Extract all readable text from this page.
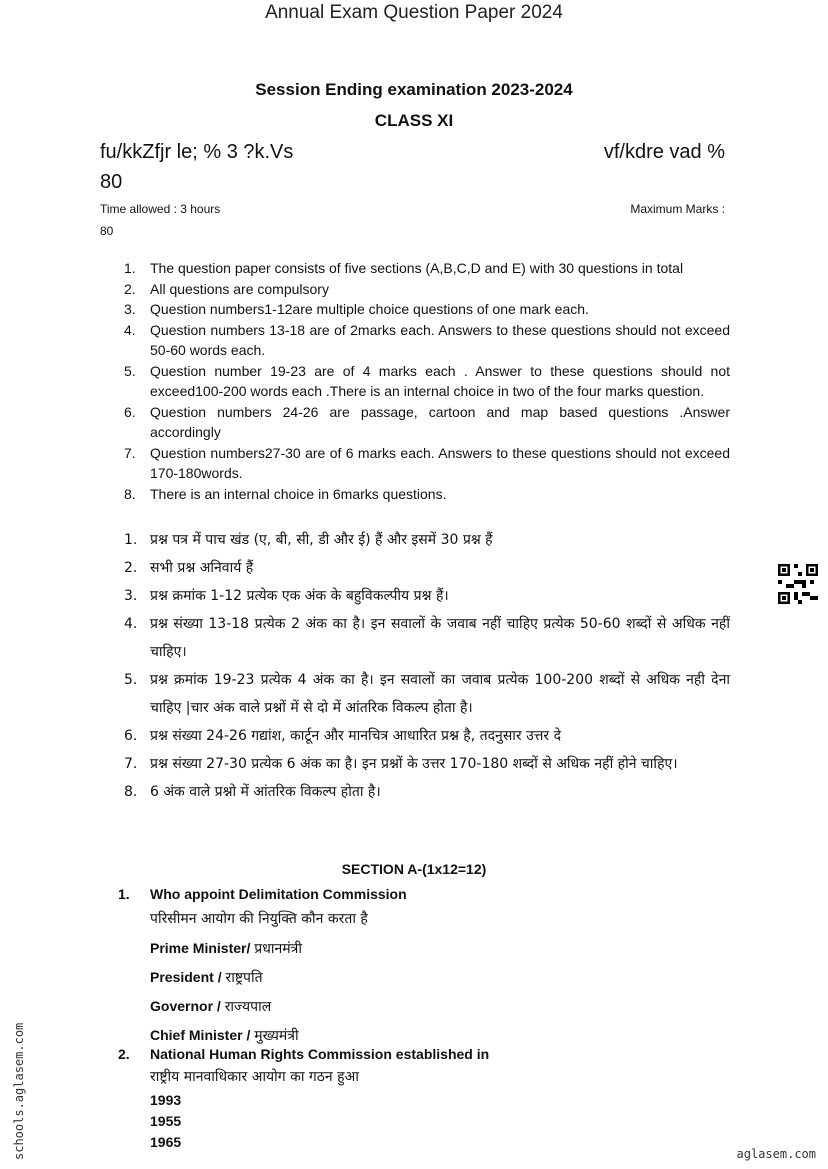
Annual Exam Question Paper 2024
Session Ending examination 2023-2024
CLASS XI
fu/kkZfjr le; % 3 ?k.Vs	vf/kdre vad %
80
Time allowed : 3 hours	Maximum Marks :
80
1.	The question paper consists of five sections (A,B,C,D and E) with 30 questions in total
2.	All questions are compulsory
3.	Question numbers1-12are multiple choice questions of one mark each.
4.	Question numbers 13-18 are of 2marks each. Answers to these questions should not exceed 50-60 words each.
5.	Question number 19-23 are of 4 marks each . Answer to these questions should not exceed100-200 words each .There is an internal choice in two of the four marks question.
6.	Question numbers 24-26 are passage, cartoon and map based questions .Answer accordingly
7.	Question numbers27-30 are of 6 marks each. Answers to these questions should not exceed 170-180words.
8.	There is an internal choice in 6marks questions.
1. प्रश्न पत्र में पाच खंड (ए, बी, सी, डी और ई) हैं और इसमें 30 प्रश्न हैं
2. सभी प्रश्न अनिवार्य हैं
3. प्रश्न क्रमांक 1-12 प्रत्येक एक अंक के बहुविकल्पीय प्रश्न हैं।
4. प्रश्न संख्या 13-18 प्रत्येक 2 अंक का है। इन सवालों के जवाब नहीं चाहिए प्रत्येक 50-60 शब्दों से अधिक नहीं चाहिए।
5. प्रश्न क्रमांक 19-23 प्रत्येक 4 अंक का है। इन सवालों का जवाब प्रत्येक 100-200 शब्दों से अधिक नही देना चाहिए |चार अंक वाले प्रश्नों में से दो में आंतरिक विकल्प होता है।
6. प्रश्न संख्या 24-26 गद्यांश, कार्टून और मानचित्र आधारित प्रश्न है, तदनुसार उत्तर दे
7. प्रश्न संख्या 27-30 प्रत्येक 6 अंक का है। इन प्रश्नों के उत्तर 170-180 शब्दों से अधिक नहीं होने चाहिए।
8. 6 अंक वाले प्रश्नो में आंतरिक विकल्प होता है।
SECTION A-(1x12=12)
1.	Who appoint Delimitation Commission
परिसीमन आयोग की नियुक्ति कौन करता है
Prime Minister/ प्रधानमंत्री
President / राष्ट्रपति
Governor / राज्यपाल
Chief Minister / मुख्यमंत्री
2.	National Human Rights Commission established in
राष्ट्रीय मानवाधिकार आयोग का गठन हुआ
1993
1955
1965
schools.aglasem.com	aglasem.com
